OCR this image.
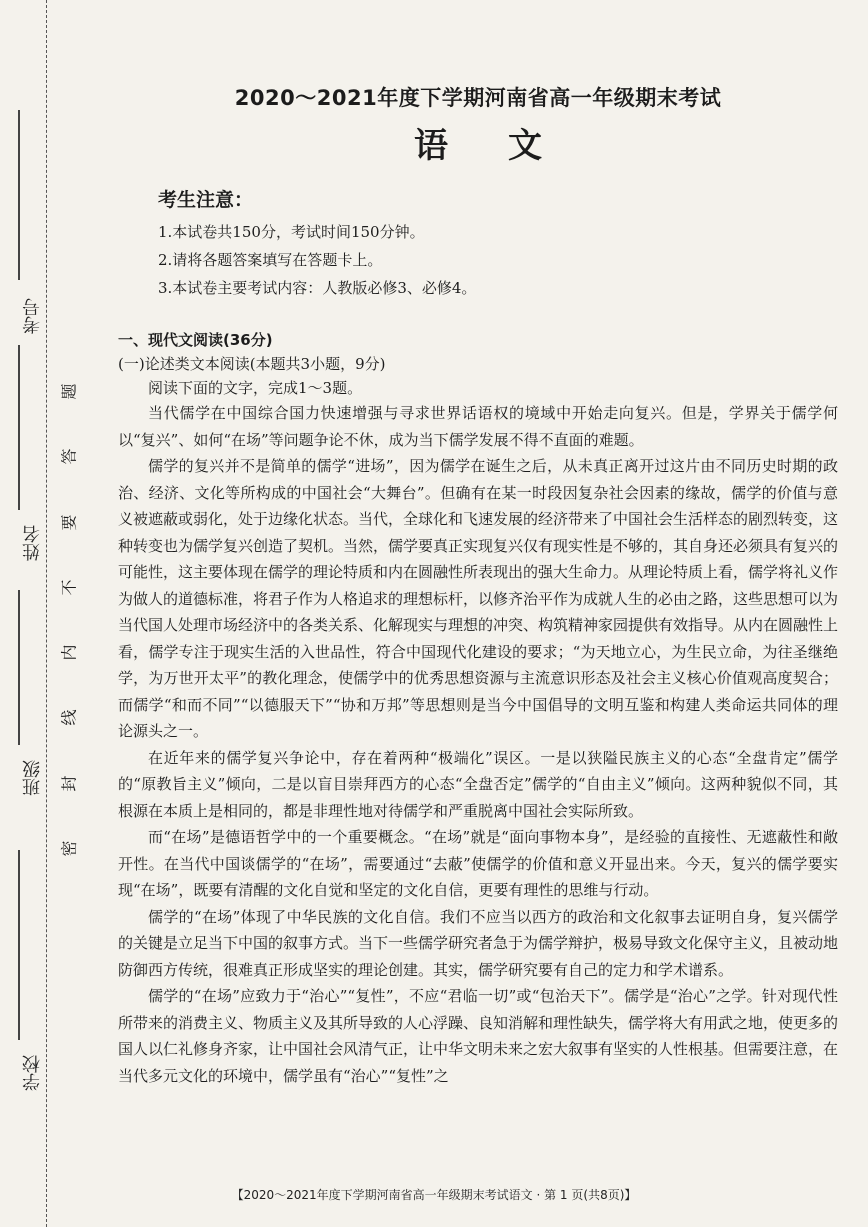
考号
姓名
班级
学校
题
答
要
不
内
线
封
密
2020～2021年度下学期河南省高一年级期末考试
语文
考生注意：
1.本试卷共150分，考试时间150分钟。
2.请将各题答案填写在答题卡上。
3.本试卷主要考试内容：人教版必修3、必修4。
一、现代文阅读(36分)
(一)论述类文本阅读(本题共3小题，9分)
阅读下面的文字，完成1～3题。

当代儒学在中国综合国力快速增强与寻求世界话语权的境域中开始走向复兴。但是，学界关于儒学何以“复兴”、如何“在场”等问题争论不休，成为当下儒学发展不得不直面的难题。

儒学的复兴并不是简单的儒学“进场”，因为儒学在诞生之后，从未真正离开过这片由不同历史时期的政治、经济、文化等所构成的中国社会“大舞台”。但确有在某一时段因复杂社会因素的缘故，儒学的价值与意义被遮蔽或弱化，处于边缘化状态。当代，全球化和飞速发展的经济带来了中国社会生活样态的剧烈转变，这种转变也为儒学复兴创造了契机。当然，儒学要真正实现复兴仅有现实性是不够的，其自身还必须具有复兴的可能性，这主要体现在儒学的理论特质和内在圆融性所表现出的强大生命力。从理论特质上看，儒学将礼义作为做人的道德标准，将君子作为人格追求的理想标杆，以修齐治平作为成就人生的必由之路，这些思想可以为当代国人处理市场经济中的各类关系、化解现实与理想的冲突、构筑精神家园提供有效指导。从内在圆融性上看，儒学专注于现实生活的入世品性，符合中国现代化建设的要求；“为天地立心，为生民立命，为往圣继绝学，为万世开太平”的教化理念，使儒学中的优秀思想资源与主流意识形态及社会主义核心价值观高度契合；而儒学“和而不同”“以德服天下”“协和万邦”等思想则是当今中国倡导的文明互鉴和构建人类命运共同体的理论源头之一。

在近年来的儒学复兴争论中，存在着两种“极端化”误区。一是以狭隘民族主义的心态“全盘肯定”儒学的“原教旨主义”倾向，二是以盲目崇拜西方的心态“全盘否定”儒学的“自由主义”倾向。这两种貌似不同，其根源在本质上是相同的，都是非理性地对待儒学和严重脱离中国社会实际所致。

而“在场”是德语哲学中的一个重要概念。“在场”就是“面向事物本身”，是经验的直接性、无遮蔽性和敞开性。在当代中国谈儒学的“在场”，需要通过“去蔽”使儒学的价值和意义开显出来。今天，复兴的儒学要实现“在场”，既要有清醒的文化自觉和坚定的文化自信，更要有理性的思维与行动。

儒学的“在场”体现了中华民族的文化自信。我们不应当以西方的政治和文化叙事去证明自身，复兴儒学的关键是立足当下中国的叙事方式。当下一些儒学研究者急于为儒学辩护，极易导致文化保守主义，且被动地防御西方传统，很难真正形成坚实的理论创建。其实，儒学研究要有自己的定力和学术谱系。

儒学的“在场”应致力于“治心”“复性”，不应“君临一切”或“包治天下”。儒学是“治心”之学。针对现代性所带来的消费主义、物质主义及其所导致的人心浮躁、良知消解和理性缺失，儒学将大有用武之地，使更多的国人以仁礼修身齐家，让中国社会风清气正，让中华文明未来之宏大叙事有坚实的人性根基。但需要注意，在当代多元文化的环境中，儒学虽有“治心”“复性”之

【2020～2021年度下学期河南省高一年级期末考试语文 · 第 1 页(共8页)】
